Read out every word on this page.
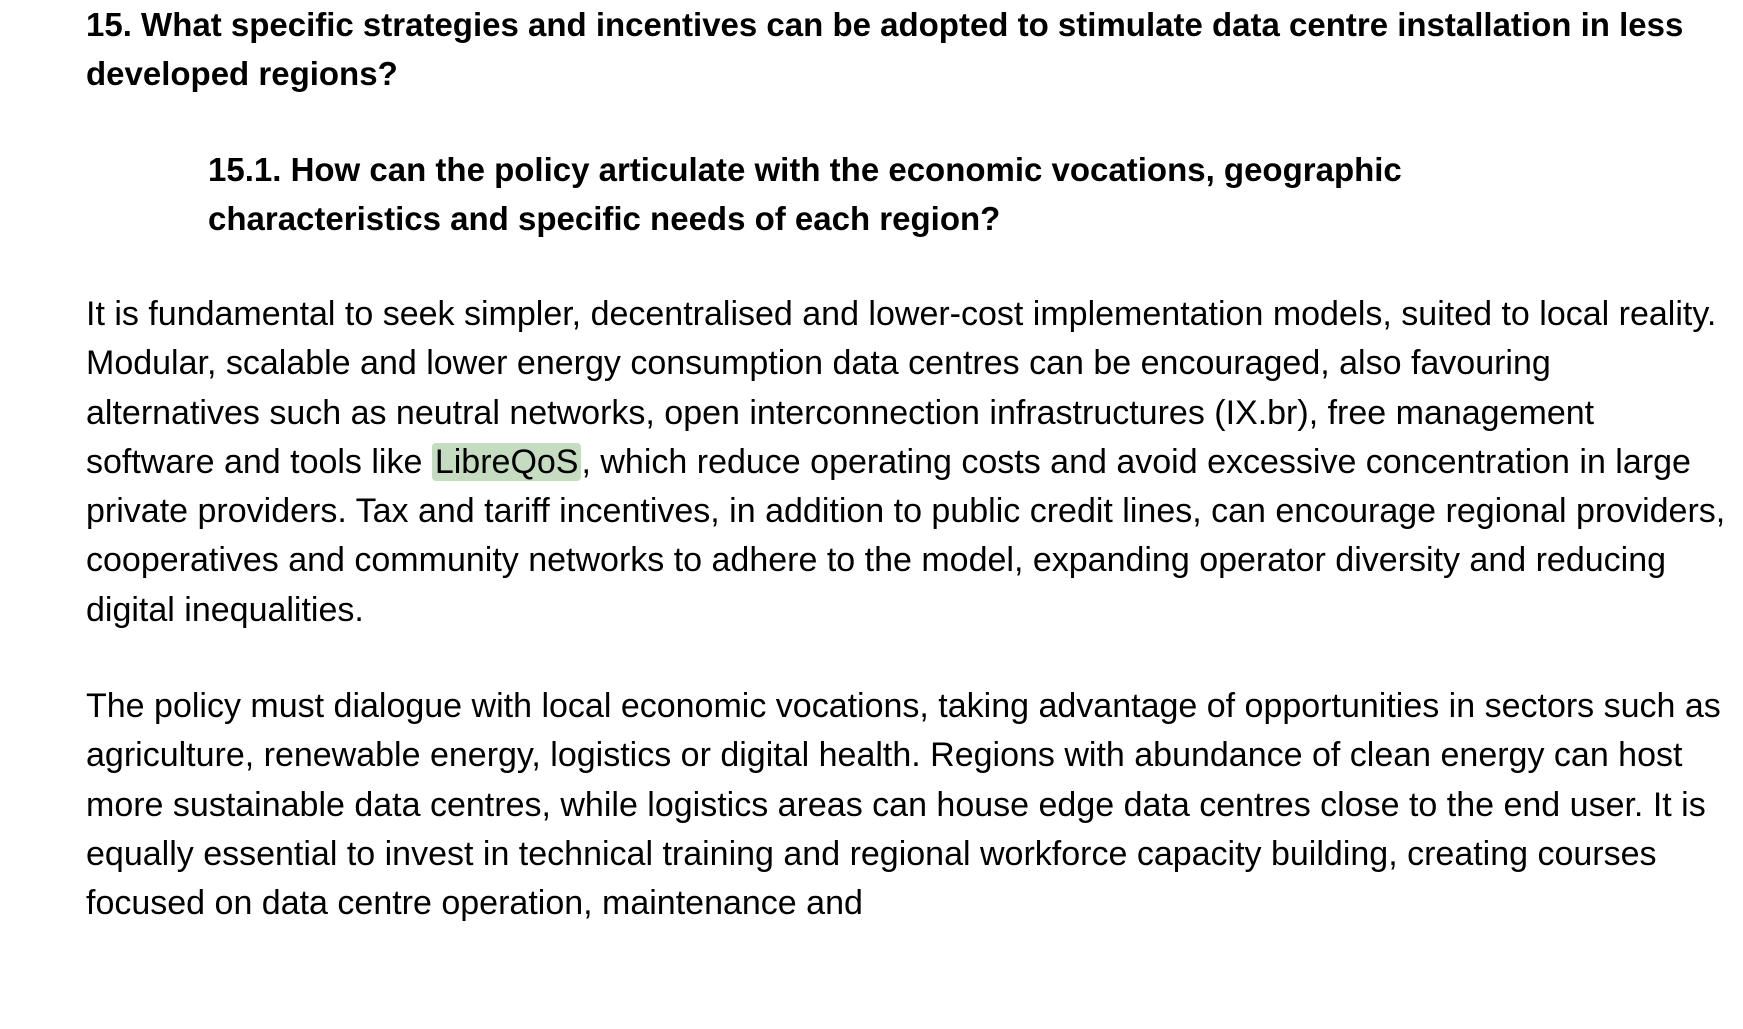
15. What specific strategies and incentives can be adopted to stimulate data centre installation in less developed regions?
15.1. How can the policy articulate with the economic vocations, geographic characteristics and specific needs of each region?

It is fundamental to seek simpler, decentralised and lower-cost implementation models, suited to local reality. Modular, scalable and lower energy consumption data centres can be encouraged, also favouring alternatives such as neutral networks, open interconnection infrastructures (IX.br), free management software and tools like LibreQoS, which reduce operating costs and avoid excessive concentration in large private providers. Tax and tariff incentives, in addition to public credit lines, can encourage regional providers, cooperatives and community networks to adhere to the model, expanding operator diversity and reducing digital inequalities.

The policy must dialogue with local economic vocations, taking advantage of opportunities in sectors such as agriculture, renewable energy, logistics or digital health. Regions with abundance of clean energy can host more sustainable data centres, while logistics areas can house edge data centres close to the end user. It is equally essential to invest in technical training and regional workforce capacity building, creating courses focused on data centre operation, maintenance and
